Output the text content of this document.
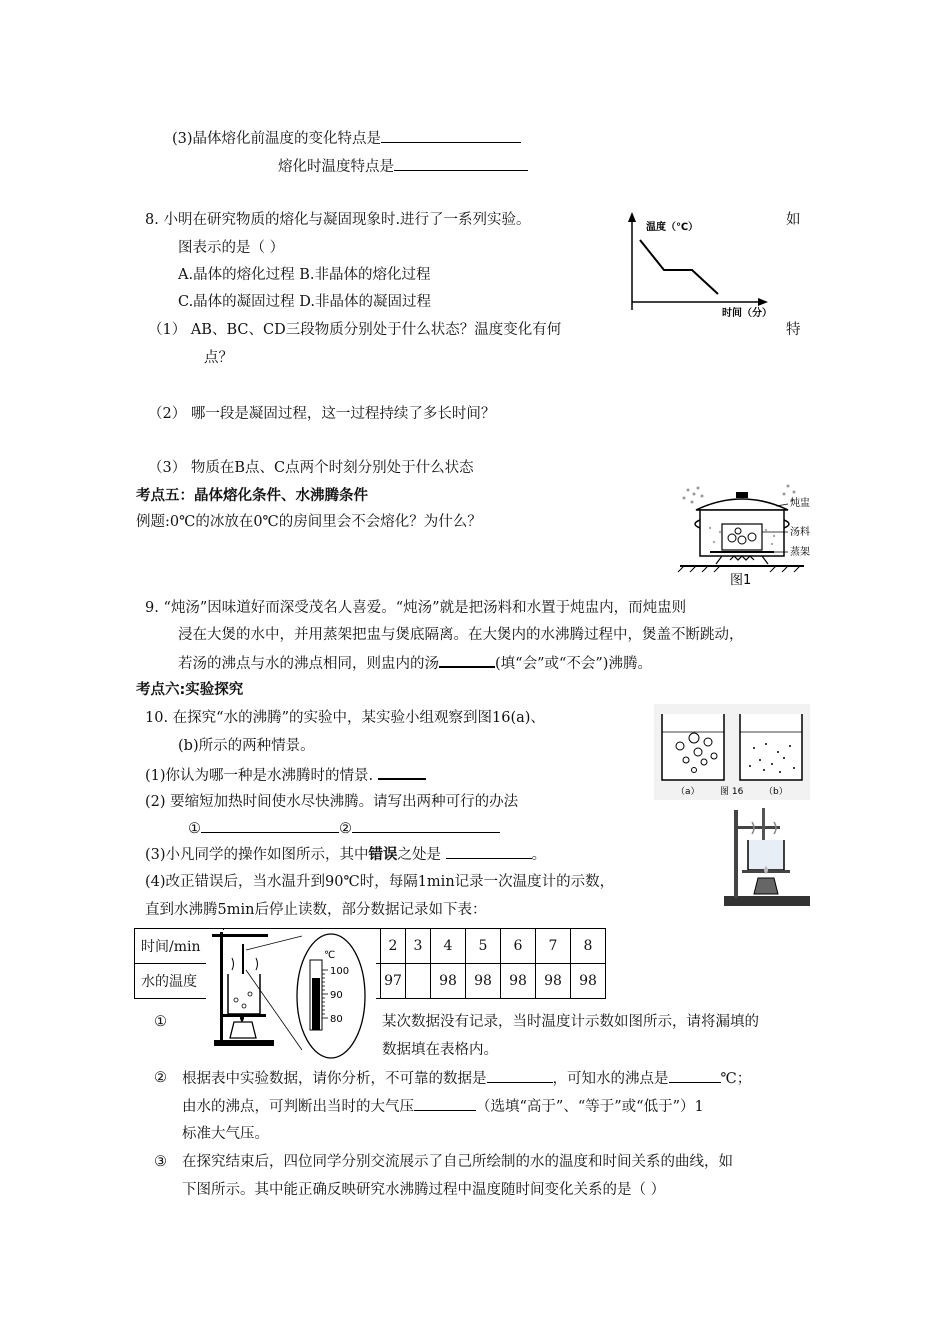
(3)晶体熔化前温度的变化特点是
熔化时温度特点是
8. 小明在研究物质的熔化与凝固现象时.进行了一系列实验。	如
图表示的是（ ）
A.晶体的熔化过程 B.非晶体的熔化过程
C.晶体的凝固过程 D.非晶体的凝固过程
（1） AB、BC、CD三段物质分别处于什么状态？温度变化有何	特
点？
（2） 哪一段是凝固过程，这一过程持续了多长时间？
（3） 物质在B点、C点两个时刻分别处于什么状态
温度（℃）
时间（分）
考点五：晶体熔化条件、水沸腾条件
例题:0℃的冰放在0℃的房间里会不会熔化？为什么？
炖盅
汤料
蒸架
图1
9. “炖汤”因味道好而深受茂名人喜爱。“炖汤”就是把汤料和水置于炖盅内，而炖盅则
浸在大煲的水中，并用蒸架把盅与煲底隔离。在大煲内的水沸腾过程中，煲盖不断跳动，
若汤的沸点与水的沸点相同，则盅内的汤	(填“会”或“不会”)沸腾。
考点六:实验探究
10. 在探究“水的沸腾”的实验中，某实验小组观察到图16(a)、
(b)所示的两种情景。
(1)你认为哪一种是水沸腾时的情景.
(2) 要缩短加热时间使水尽快沸腾。请写出两种可行的办法
①	②
(3)小凡同学的操作如图所示，其中错误之处是	。
(4)改正错误后，当水温升到90℃时，每隔1min记录一次温度计的示数，
直到水沸腾5min后停止读数，部分数据记录如下表：
（a） 图 16 （b）
时间/min		2	3	4	5	6	7	8
水的温度		97		98	98	98	98	98
℃
100
90
80
①	某次数据没有记录，当时温度计示数如图所示，请将漏填的
数据填在表格内。
② 根据表中实验数据，请你分析，不可靠的数据是	，可知水的沸点是	℃；
由水的沸点，可判断出当时的大气压	（选填“高于”、“等于”或“低于”）1
标准大气压。
③ 在探究结束后，四位同学分别交流展示了自己所绘制的水的温度和时间关系的曲线，如
下图所示。其中能正确反映研究水沸腾过程中温度随时间变化关系的是（ ）
